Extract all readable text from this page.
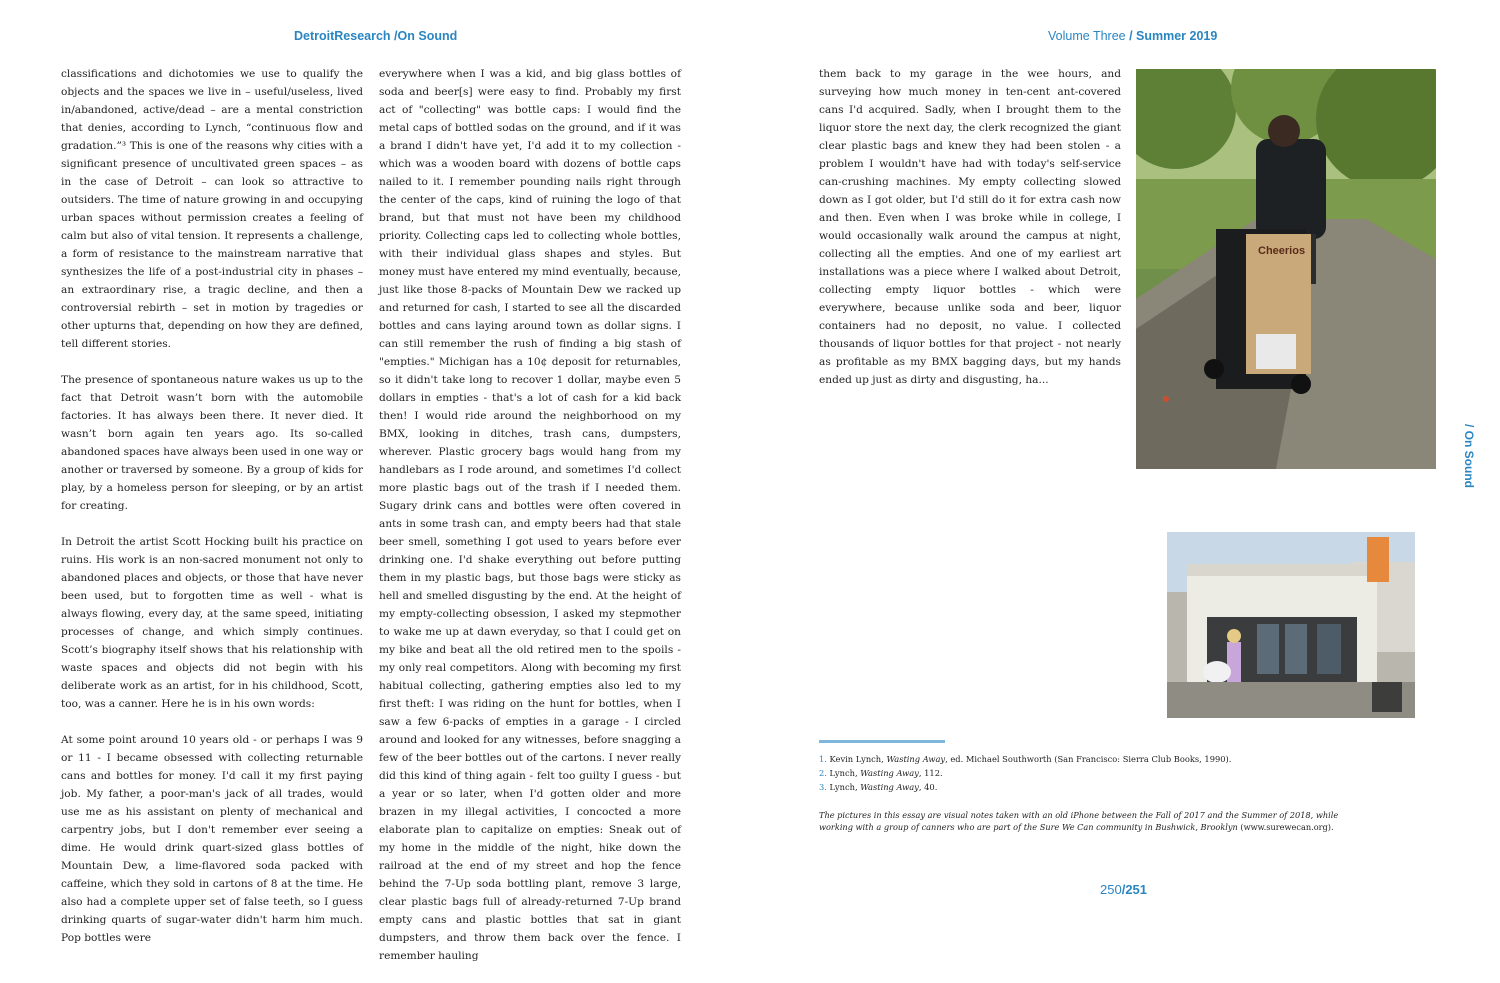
DetroitResearch /On Sound	Volume Three / Summer 2019

classifications and dichotomies we use to qualify the objects and the spaces we live in – useful/useless, lived in/abandoned, active/dead – are a mental constriction that denies, according to Lynch, “continuous flow and gradation.”³ This is one of the reasons why cities with a significant presence of uncultivated green spaces – as in the case of Detroit – can look so attractive to outsiders. The time of nature growing in and occupying urban spaces without permission creates a feeling of calm but also of vital tension. It represents a challenge, a form of resistance to the mainstream narrative that synthesizes the life of a post-industrial city in phases – an extraordinary rise, a tragic decline, and then a controversial rebirth – set in motion by tragedies or other upturns that, depending on how they are defined, tell different stories.

The presence of spontaneous nature wakes us up to the fact that Detroit wasn’t born with the automobile factories. It has always been there. It never died. It wasn’t born again ten years ago. Its so-called abandoned spaces have always been used in one way or another or traversed by someone. By a group of kids for play, by a homeless person for sleeping, or by an artist for creating.

In Detroit the artist Scott Hocking built his practice on ruins. His work is an non-sacred monument not only to abandoned places and objects, or those that have never been used, but to forgotten time as well - what is always flowing, every day, at the same speed, initiating processes of change, and which simply continues. Scott’s biography itself shows that his relationship with waste spaces and objects did not begin with his deliberate work as an artist, for in his childhood, Scott, too, was a canner. Here he is in his own words:

At some point around 10 years old - or perhaps I was 9 or 11 - I became obsessed with collecting returnable cans and bottles for money. I'd call it my first paying job. My father, a poor-man's jack of all trades, would use me as his assistant on plenty of mechanical and carpentry jobs, but I don't remember ever seeing a dime. He would drink quart-sized glass bottles of Mountain Dew, a lime-flavored soda packed with caffeine, which they sold in cartons of 8 at the time. He also had a complete upper set of false teeth, so I guess drinking quarts of sugar-water didn't harm him much. Pop bottles were

everywhere when I was a kid, and big glass bottles of soda and beer[s] were easy to find. Probably my first act of "collecting" was bottle caps: I would find the metal caps of bottled sodas on the ground, and if it was a brand I didn't have yet, I'd add it to my collection - which was a wooden board with dozens of bottle caps nailed to it. I remember pounding nails right through the center of the caps, kind of ruining the logo of that brand, but that must not have been my childhood priority. Collecting caps led to collecting whole bottles, with their individual glass shapes and styles. But money must have entered my mind eventually, because, just like those 8-packs of Mountain Dew we racked up and returned for cash, I started to see all the discarded bottles and cans laying around town as dollar signs. I can still remember the rush of finding a big stash of "empties." Michigan has a 10¢ deposit for returnables, so it didn't take long to recover 1 dollar, maybe even 5 dollars in empties - that's a lot of cash for a kid back then! I would ride around the neighborhood on my BMX, looking in ditches, trash cans, dumpsters, wherever. Plastic grocery bags would hang from my handlebars as I rode around, and sometimes I'd collect more plastic bags out of the trash if I needed them. Sugary drink cans and bottles were often covered in ants in some trash can, and empty beers had that stale beer smell, something I got used to years before ever drinking one. I'd shake everything out before putting them in my plastic bags, but those bags were sticky as hell and smelled disgusting by the end. At the height of my empty-collecting obsession, I asked my stepmother to wake me up at dawn everyday, so that I could get on my bike and beat all the old retired men to the spoils - my only real competitors. Along with becoming my first habitual collecting, gathering empties also led to my first theft: I was riding on the hunt for bottles, when I saw a few 6-packs of empties in a garage - I circled around and looked for any witnesses, before snagging a few of the beer bottles out of the cartons. I never really did this kind of thing again - felt too guilty I guess - but a year or so later, when I'd gotten older and more brazen in my illegal activities, I concocted a more elaborate plan to capitalize on empties: Sneak out of my home in the middle of the night, hike down the railroad at the end of my street and hop the fence behind the 7-Up soda bottling plant, remove 3 large, clear plastic bags full of already-returned 7-Up brand empty cans and plastic bottles that sat in giant dumpsters, and throw them back over the fence. I remember hauling

them back to my garage in the wee hours, and surveying how much money in ten-cent ant-covered cans I'd acquired. Sadly, when I brought them to the liquor store the next day, the clerk recognized the giant clear plastic bags and knew they had been stolen - a problem I wouldn't have had with today's self-service can-crushing machines. My empty collecting slowed down as I got older, but I'd still do it for extra cash now and then. Even when I was broke while in college, I would occasionally walk around the campus at night, collecting all the empties. And one of my earliest art installations was a piece where I walked about Detroit, collecting empty liquor bottles - which were everywhere, because unlike soda and beer, liquor containers had no deposit, no value. I collected thousands of liquor bottles for that project - not nearly as profitable as my BMX bagging days, but my hands ended up just as dirty and disgusting, ha...

Cheerios
/ On Sound
1. Kevin Lynch, Wasting Away, ed. Michael Southworth (San Francisco: Sierra Club Books, 1990).
2. Lynch, Wasting Away, 112.
3. Lynch, Wasting Away, 40.
The pictures in this essay are visual notes taken with an old iPhone between the Fall of 2017 and the Summer of 2018, while working with a group of canners who are part of the Sure We Can community in Bushwick, Brooklyn (www.surewecan.org).
250/251
